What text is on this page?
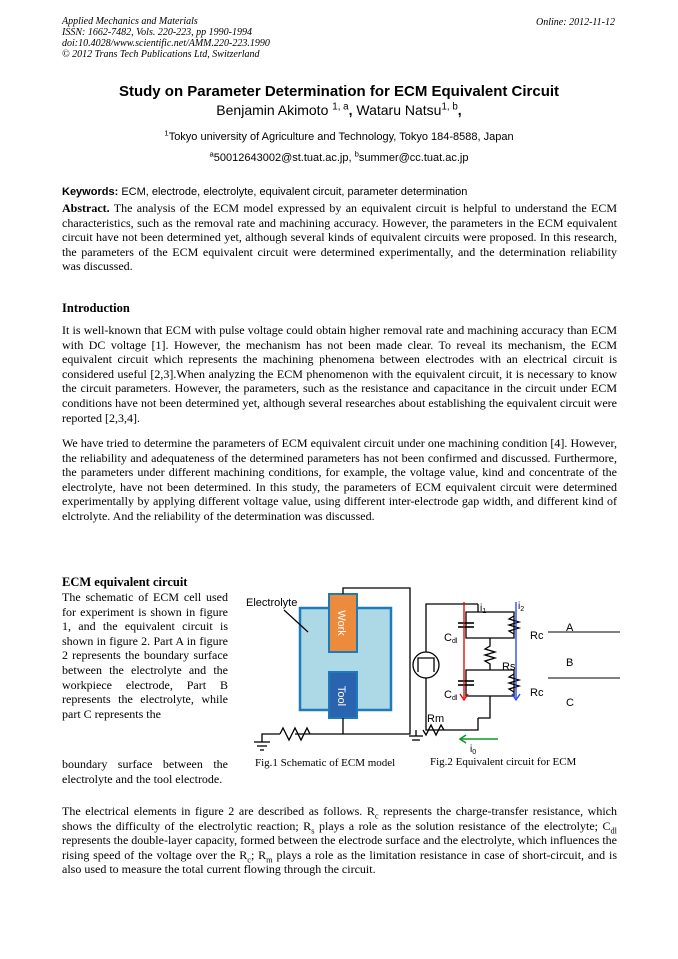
Applied Mechanics and Materials
ISSN: 1662-7482, Vols. 220-223, pp 1990-1994
doi:10.4028/www.scientific.net/AMM.220-223.1990
© 2012 Trans Tech Publications Ltd, Switzerland
Online: 2012-11-12
Study on Parameter Determination for ECM Equivalent Circuit
Benjamin Akimoto $^{1, a}$, Wataru Natsu$^{1, b}$,
$^1$Tokyo university of Agriculture and Technology, Tokyo 184-8588, Japan
$^a$50012643002@st.tuat.ac.jp, $^b$summer@cc.tuat.ac.jp
Keywords: ECM, electrode, electrolyte, equivalent circuit, parameter determination
Abstract. The analysis of the ECM model expressed by an equivalent circuit is helpful to understand the ECM characteristics, such as the removal rate and machining accuracy. However, the parameters in the ECM equivalent circuit have not been determined yet, although several kinds of equivalent circuits were proposed. In this research, the parameters of the ECM equivalent circuit were determined experimentally, and the determination reliability was discussed.
Introduction
It is well-known that ECM with pulse voltage could obtain higher removal rate and machining accuracy than ECM with DC voltage [1]. However, the mechanism has not been made clear. To reveal its mechanism, the ECM equivalent circuit which represents the machining phenomena between electrodes with an electrical circuit is considered useful [2,3].When analyzing the ECM phenomenon with the equivalent circuit, it is necessary to know the circuit parameters. However, the parameters, such as the resistance and capacitance in the circuit under ECM conditions have not been determined yet, although several researches about establishing the equivalent circuit were reported [2,3,4].
We have tried to determine the parameters of ECM equivalent circuit under one machining condition [4]. However, the reliability and adequateness of the determined parameters has not been confirmed and discussed. Furthermore, the parameters under different machining conditions, for example, the voltage value, kind and concentrate of the electrolyte, have not been determined. In this study, the parameters of ECM equivalent circuit were determined experimentally by applying different voltage value, using different inter-electrode gap width, and different kind of elctrolyte. And the reliability of the determination was discussed.
ECM equivalent circuit
The schematic of ECM cell used for experiment is shown in figure 1, and the equivalent circuit is shown in figure 2. Part A in figure 2 represents the boundary surface between the electrolyte and the workpiece electrode, Part B represents the electrolyte, while part C represents the
boundary surface between the electrolyte and the tool electrode.
Work
Tool
Electrolyte
Fig.1 Schematic of ECM model
$i_1$	$i_2$
Cdl	Rc
Rs
Cdl	Rc
Rm
$i_0$
A
B
C
Fig.2 Equivalent circuit for ECM
The electrical elements in figure 2 are described as follows. $R_c$ represents the charge-transfer resistance, which shows the difficulty of the electrolytic reaction; $R_s$ plays a role as the solution resistance of the electrolyte; $C_{dl}$ represents the double-layer capacity, formed between the electrode surface and the electrolyte, which influences the rising speed of the voltage over the $R_c$; $R_m$ plays a role as the limitation resistance in case of short-circuit, and is also used to measure the total current flowing through the circuit.
